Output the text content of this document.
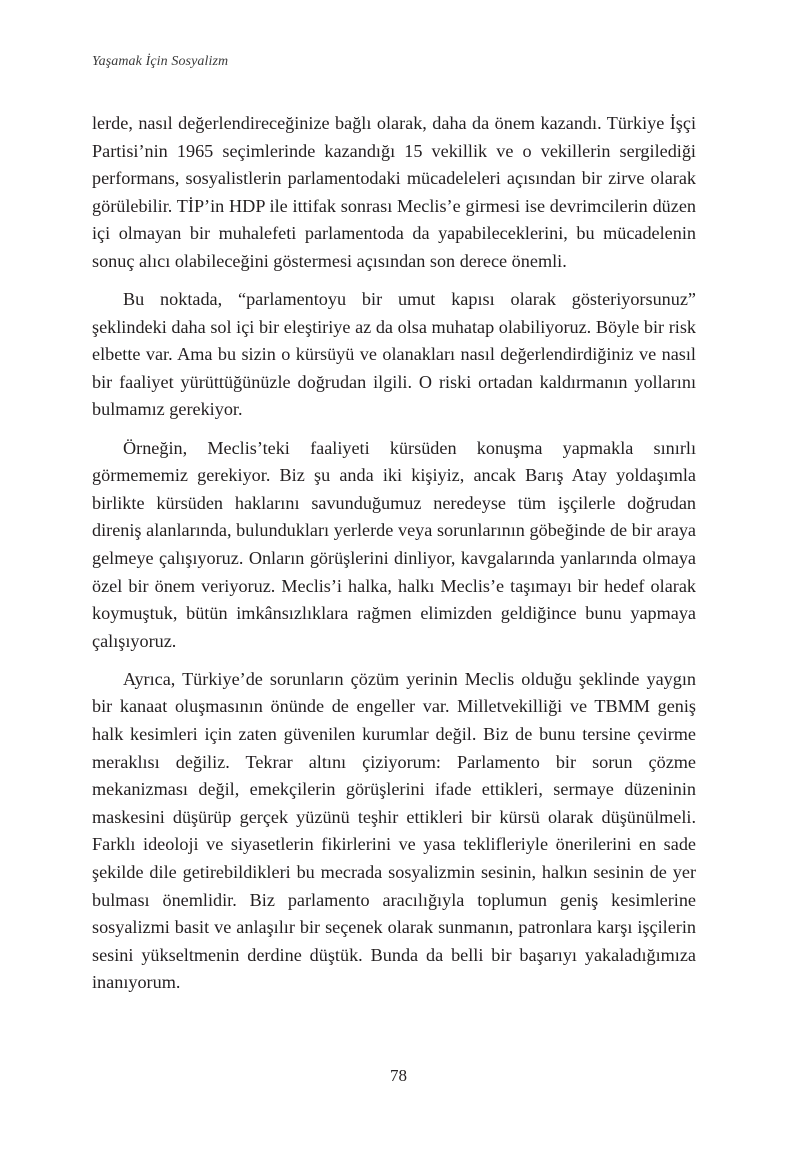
Yaşamak İçin Sosyalizm

lerde, nasıl değerlendireceğinize bağlı olarak, daha da önem kazandı. Türkiye İşçi Partisi’nin 1965 seçimlerinde kazandığı 15 vekillik ve o vekillerin sergilediği performans, sosyalistlerin parlamentodaki mücadeleleri açısından bir zirve olarak görülebilir. TİP’in HDP ile ittifak sonrası Meclis’e girmesi ise devrimcilerin düzen içi olmayan bir muhalefeti parlamentoda da yapabileceklerini, bu mücadelenin sonuç alıcı olabileceğini göstermesi açısından son derece önemli.

Bu noktada, “parlamentoyu bir umut kapısı olarak gösteriyorsunuz” şeklindeki daha sol içi bir eleştiriye az da olsa muhatap olabiliyoruz. Böyle bir risk elbette var. Ama bu sizin o kürsüyü ve olanakları nasıl değerlendirdiğiniz ve nasıl bir faaliyet yürüttüğünüzle doğrudan ilgili. O riski ortadan kaldırmanın yollarını bulmamız gerekiyor.

Örneğin, Meclis’teki faaliyeti kürsüden konuşma yapmakla sınırlı görmememiz gerekiyor. Biz şu anda iki kişiyiz, ancak Barış Atay yoldaşımla birlikte kürsüden haklarını savunduğumuz neredeyse tüm işçilerle doğrudan direniş alanlarında, bulundukları yerlerde veya sorunlarının göbeğinde de bir araya gelmeye çalışıyoruz. Onların görüşlerini dinliyor, kavgalarında yanlarında olmaya özel bir önem veriyoruz. Meclis’i halka, halkı Meclis’e taşımayı bir hedef olarak koymuştuk, bütün imkânsızlıklara rağmen elimizden geldiğince bunu yapmaya çalışıyoruz.

Ayrıca, Türkiye’de sorunların çözüm yerinin Meclis olduğu şeklinde yaygın bir kanaat oluşmasının önünde de engeller var. Milletvekilliği ve TBMM geniş halk kesimleri için zaten güvenilen kurumlar değil. Biz de bunu tersine çevirme meraklısı değiliz. Tekrar altını çiziyorum: Parlamento bir sorun çözme mekanizması değil, emekçilerin görüşlerini ifade ettikleri, sermaye düzeninin maskesini düşürüp gerçek yüzünü teşhir ettikleri bir kürsü olarak düşünülmeli. Farklı ideoloji ve siyasetlerin fikirlerini ve yasa teklifleriyle önerilerini en sade şekilde dile getirebildikleri bu mecrada sosyalizmin sesinin, halkın sesinin de yer bulması önemlidir. Biz parlamento aracılığıyla toplumun geniş kesimlerine sosyalizmi basit ve anlaşılır bir seçenek olarak sunmanın, patronlara karşı işçilerin sesini yükseltmenin derdine düştük. Bunda da belli bir başarıyı yakaladığımıza inanıyorum.

78
